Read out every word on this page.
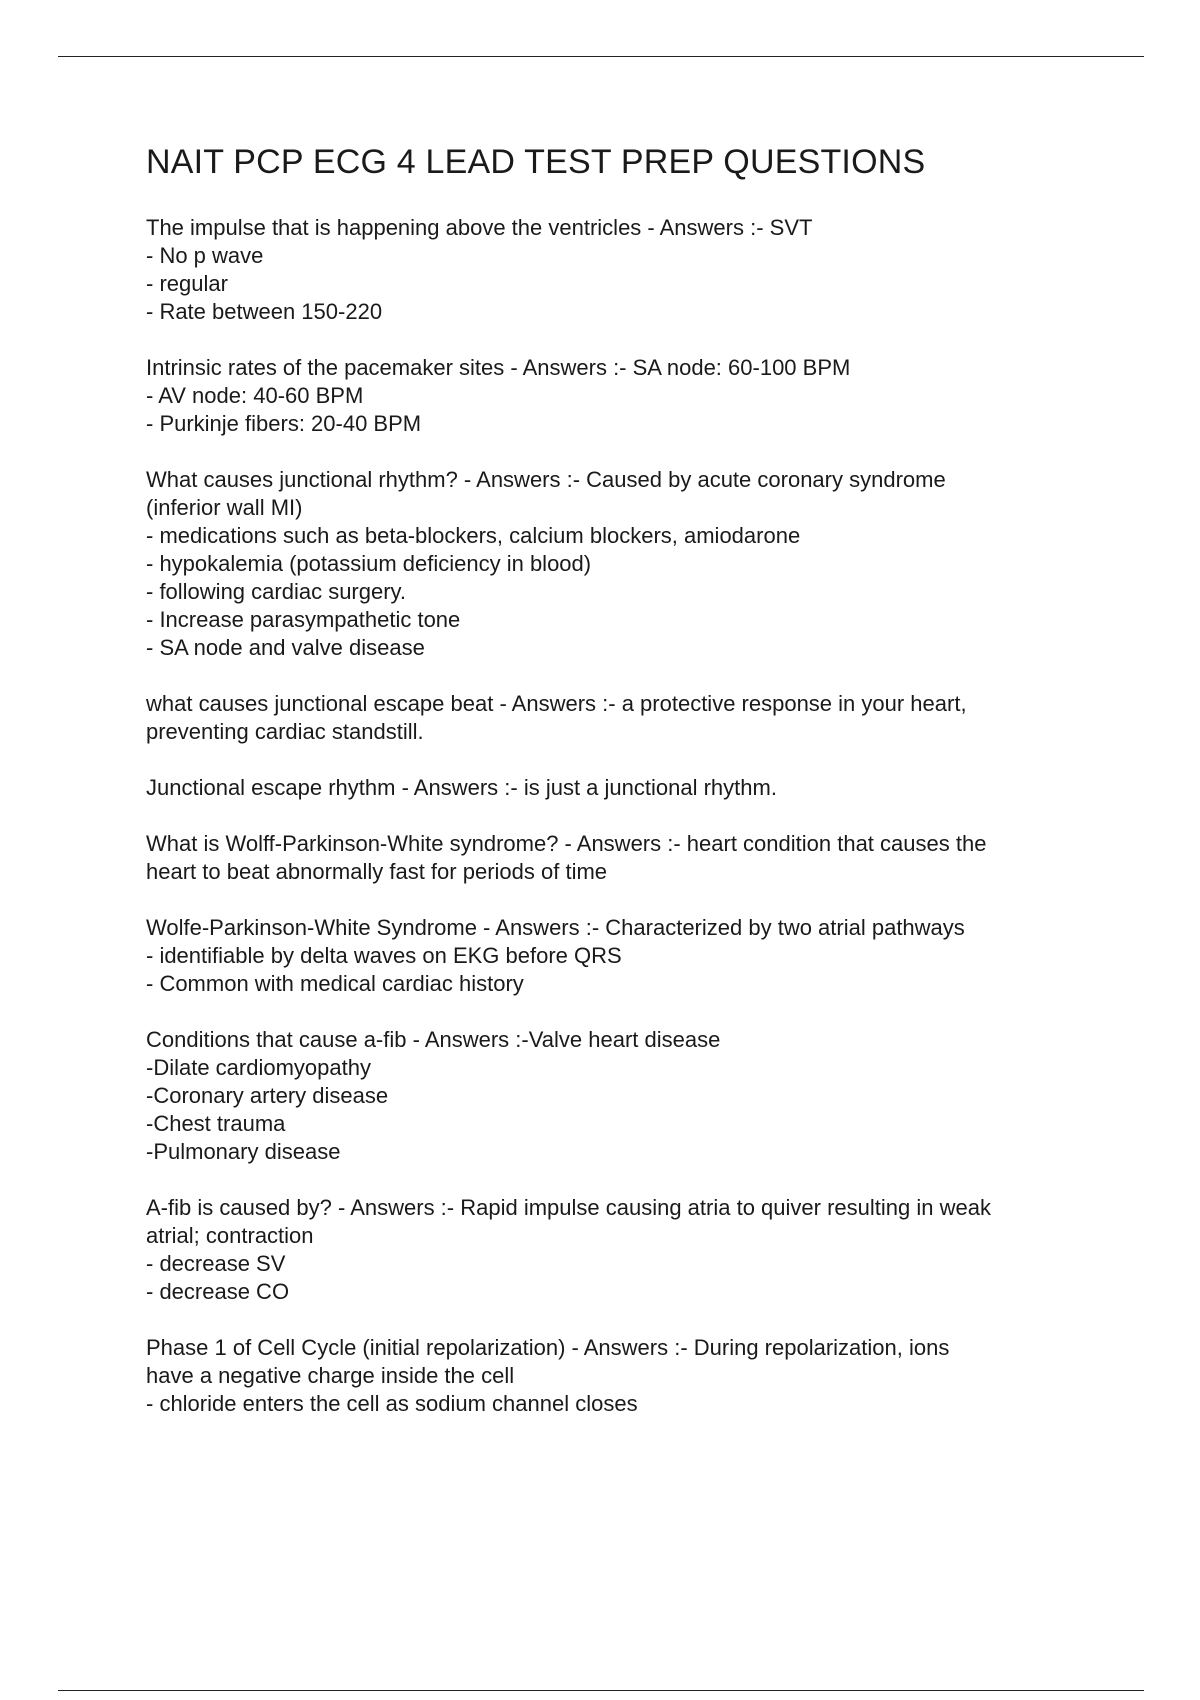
NAIT PCP ECG 4 LEAD TEST PREP QUESTIONS
The impulse that is happening above the ventricles - Answers :- SVT
- No p wave
- regular
- Rate between 150-220
Intrinsic rates of the pacemaker sites - Answers :- SA node: 60-100 BPM
- AV node: 40-60 BPM
- Purkinje fibers: 20-40 BPM
What causes junctional rhythm? - Answers :- Caused by acute coronary syndrome
(inferior wall MI)
- medications such as beta-blockers, calcium blockers, amiodarone
- hypokalemia (potassium deficiency in blood)
- following cardiac surgery.
- Increase parasympathetic tone
- SA node and valve disease
what causes junctional escape beat - Answers :- a protective response in your heart,
preventing cardiac standstill.
Junctional escape rhythm - Answers :- is just a junctional rhythm.
What is Wolff-Parkinson-White syndrome? - Answers :- heart condition that causes the
heart to beat abnormally fast for periods of time
Wolfe-Parkinson-White Syndrome - Answers :- Characterized by two atrial pathways
- identifiable by delta waves on EKG before QRS
- Common with medical cardiac history
Conditions that cause a-fib - Answers :-Valve heart disease
-Dilate cardiomyopathy
-Coronary artery disease
-Chest trauma
-Pulmonary disease
A-fib is caused by? - Answers :- Rapid impulse causing atria to quiver resulting in weak
atrial; contraction
- decrease SV
- decrease CO
Phase 1 of Cell Cycle (initial repolarization) - Answers :- During repolarization, ions
have a negative charge inside the cell
- chloride enters the cell as sodium channel closes
